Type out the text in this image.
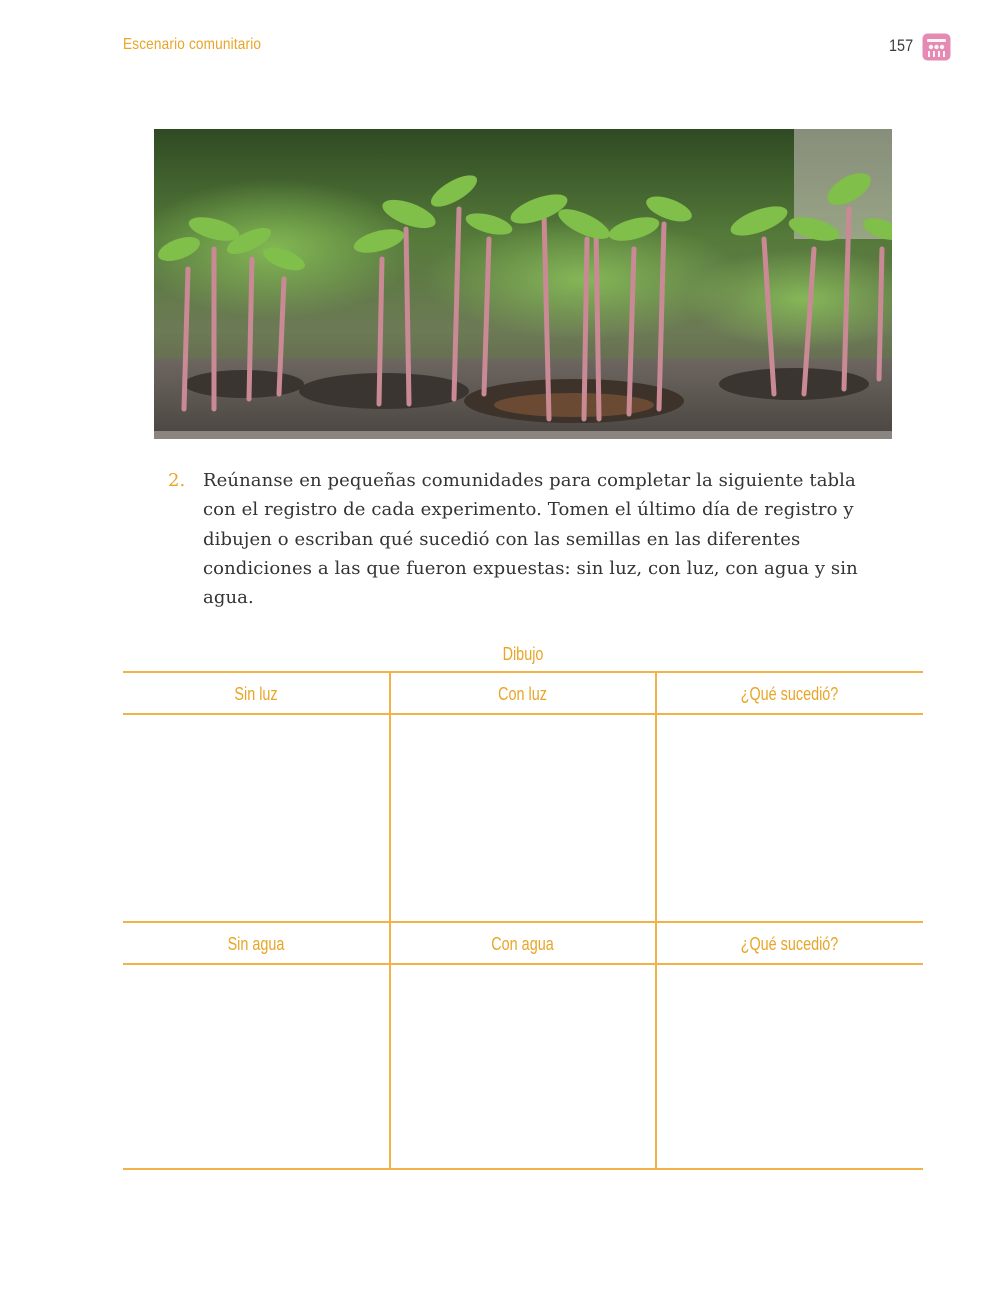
Escenario comunitario	157
2. Reúnanse en pequeñas comunidades para completar la siguiente tabla con el registro de cada experimento. Tomen el último día de registro y dibujen o escriban qué sucedió con las semillas en las diferentes condiciones a las que fueron expuestas: sin luz, con luz, con agua y sin agua.
Dibujo
Sin luz	Con luz	¿Qué sucedió?
Sin agua	Con agua	¿Qué sucedió?
